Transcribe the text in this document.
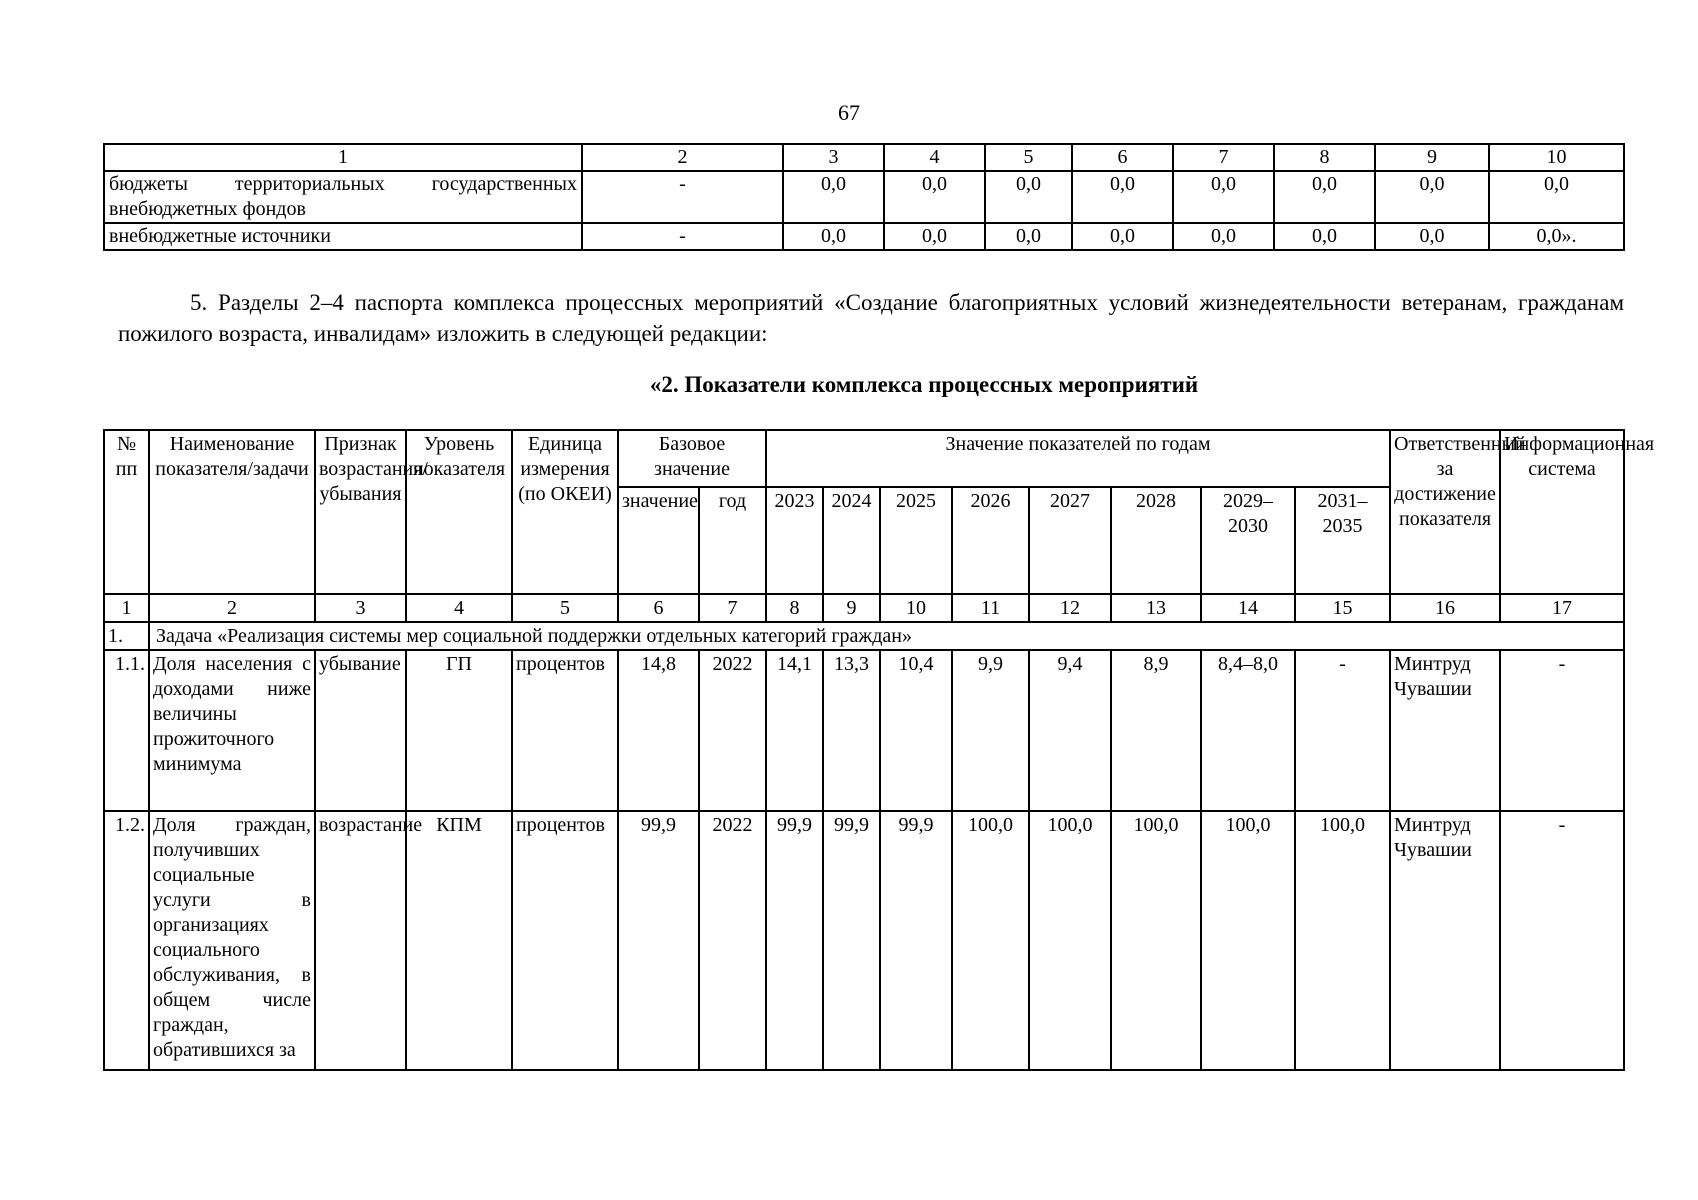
67
1	2	3	4	5	6	7	8	9	10
бюджеты территориальных государственных внебюджетных фондов	-	0,0	0,0	0,0	0,0	0,0	0,0	0,0	0,0
внебюджетные источники	-	0,0	0,0	0,0	0,0	0,0	0,0	0,0	0,0».

5. Разделы 2–4 паспорта комплекса процессных мероприятий «Создание благоприятных условий жизнедеятельности ветеранам, гражданам пожилого возраста, инвалидам» изложить в следующей редакции:

«2. Показатели комплекса процессных мероприятий
№ пп	Наименование показателя/задачи	Признак возрастания/убывания	Уровень показателя	Единица измерения (по ОКЕИ)	Базовое значение		Значение показателей по годам								Ответственный за достижение показателя	Информационная система
					значение	год	2023	2024	2025	2026	2027	2028	2029–2030	2031–2035		
1	2	3	4	5	6	7	8	9	10	11	12	13	14	15	16	17
1.	Задача «Реализация системы мер социальной поддержки отдельных категорий граждан»															
1.1.	Доля населения с доходами ниже величины прожиточного минимума	убывание	ГП	процентов	14,8	2022	14,1	13,3	10,4	9,9	9,4	8,9	8,4–8,0	-	Минтруд Чувашии	-
1.2.	Доля граждан, получивших социальные услуги в организациях социального обслуживания, в общем числе граждан, обратившихся за	возрастание	КПМ	процентов	99,9	2022	99,9	99,9	99,9	100,0	100,0	100,0	100,0	100,0	Минтруд Чувашии	-
